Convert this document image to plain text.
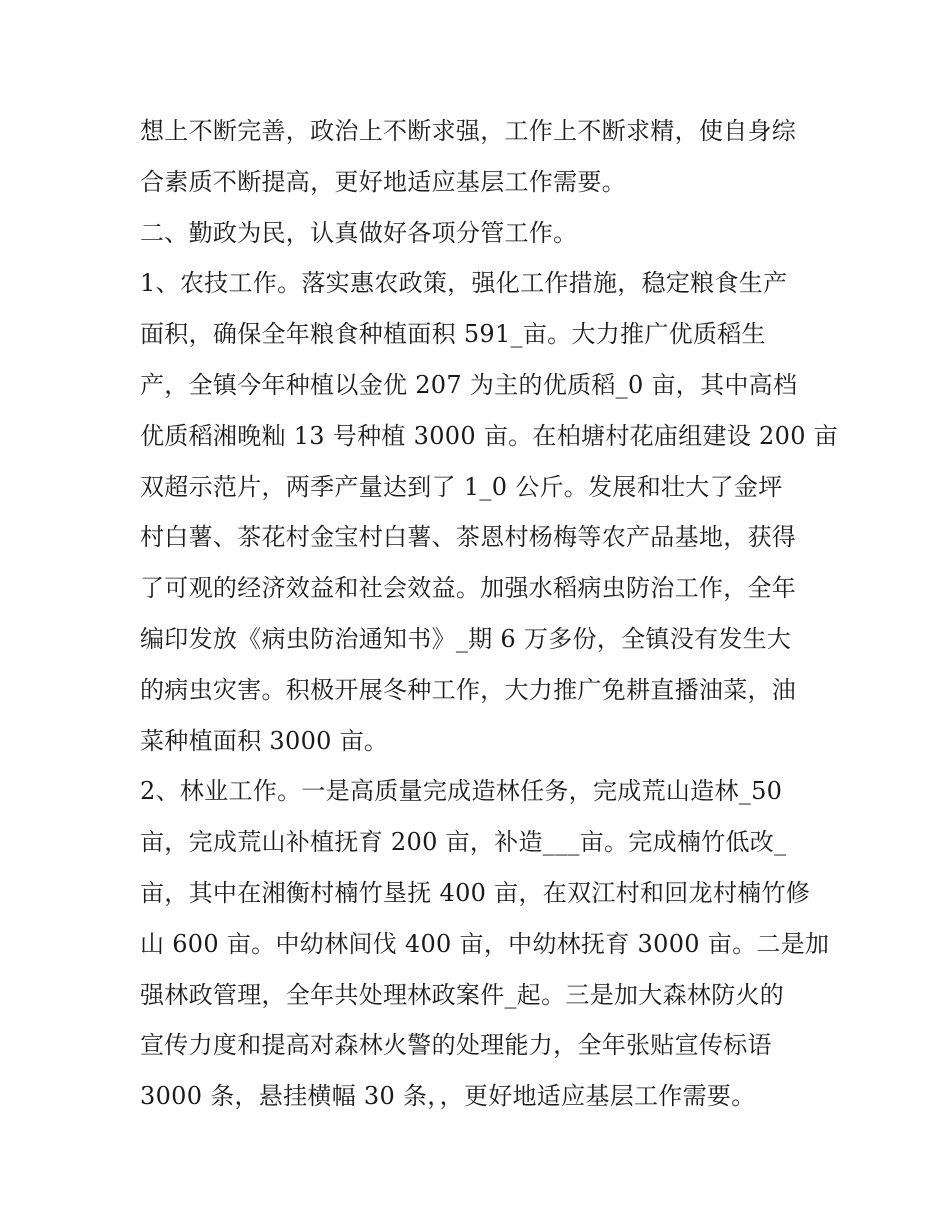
想上不断完善，政治上不断求强，工作上不断求精，使自身综
合素质不断提高，更好地适应基层工作需要。
二、勤政为民，认真做好各项分管工作。
1、农技工作。落实惠农政策，强化工作措施，稳定粮食生产
面积，确保全年粮食种植面积 591_亩。大力推广优质稻生
产，全镇今年种植以金优 207 为主的优质稻_0 亩，其中高档
优质稻湘晚籼 13 号种植 3000 亩。在柏塘村花庙组建设 200 亩
双超示范片，两季产量达到了 1_0 公斤。发展和壮大了金坪
村白薯、茶花村金宝村白薯、茶恩村杨梅等农产品基地，获得
了可观的经济效益和社会效益。加强水稻病虫防治工作，全年
编印发放《病虫防治通知书》_期 6 万多份，全镇没有发生大
的病虫灾害。积极开展冬种工作，大力推广免耕直播油菜，油
菜种植面积 3000 亩。
2、林业工作。一是高质量完成造林任务，完成荒山造林_50
亩，完成荒山补植抚育 200 亩，补造___亩。完成楠竹低改_
亩，其中在湘衡村楠竹垦抚 400 亩，在双江村和回龙村楠竹修
山 600 亩。中幼林间伐 400 亩，中幼林抚育 3000 亩。二是加
强林政管理，全年共处理林政案件_起。三是加大森林防火的
宣传力度和提高对森林火警的处理能力，全年张贴宣传标语
3000 条，悬挂横幅 30 条，，更好地适应基层工作需要。
